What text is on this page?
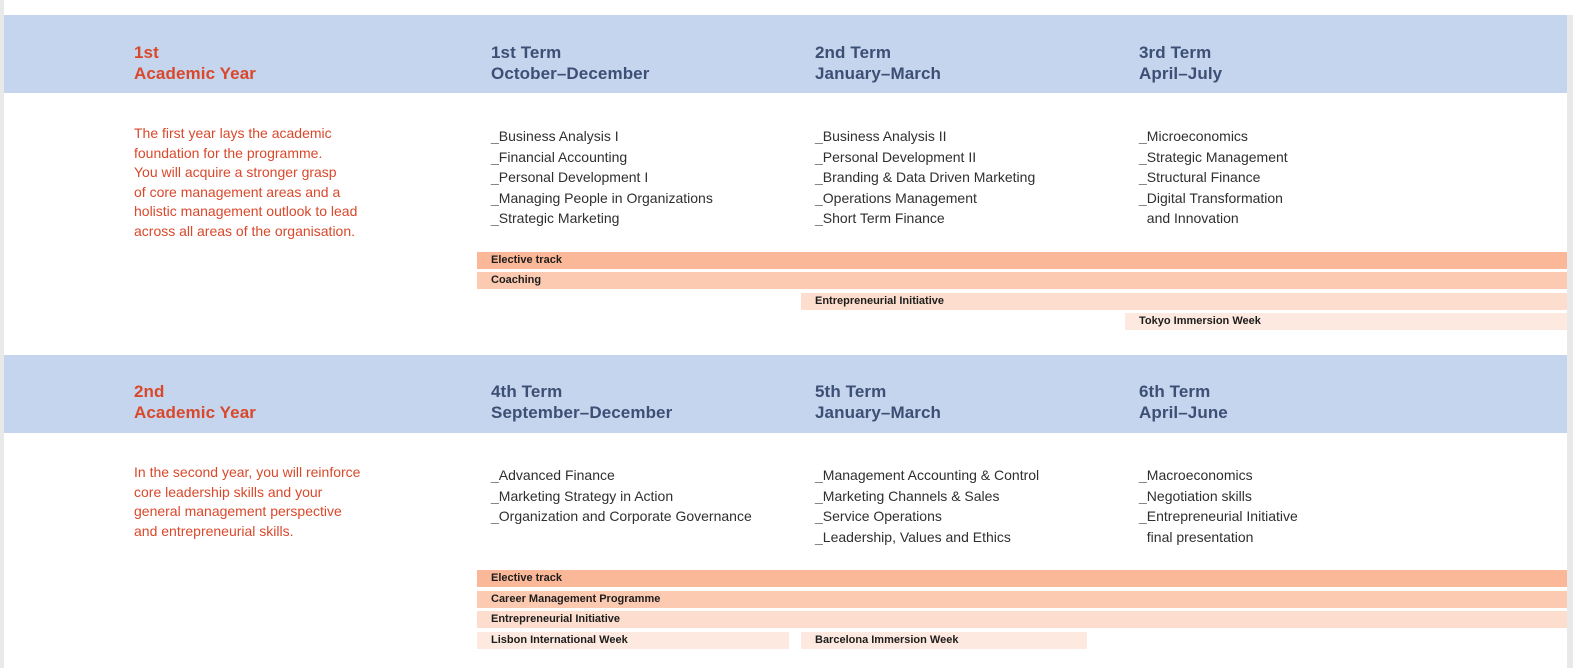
1st
Academic Year
1st Term
October–December
2nd Term
January–March
3rd Term
April–July
The first year lays the academic
foundation for the programme.
You will acquire a stronger grasp
of core management areas and a
holistic management outlook to lead
across all areas of the organisation.
_ Business Analysis I
_ Financial Accounting
_ Personal Development I
_ Managing People in Organizations
_ Strategic Marketing
_ Business Analysis II
_ Personal Development II
_ Branding & Data Driven Marketing
_ Operations Management
_ Short Term Finance
_ Microeconomics
_ Strategic Management
_ Structural Finance
_ Digital Transformation
_ and Innovation
Elective track
Coaching
Entrepreneurial Initiative
Tokyo Immersion Week
2nd
Academic Year
4th Term
September–December
5th Term
January–March
6th Term
April–June
In the second year, you will reinforce
core leadership skills and your
general management perspective
and entrepreneurial skills.
_ Advanced Finance
_ Marketing Strategy in Action
_ Organization and Corporate Governance
_ Management Accounting & Control
_ Marketing Channels & Sales
_ Service Operations
_ Leadership, Values and Ethics
_ Macroeconomics
_ Negotiation skills
_ Entrepreneurial Initiative
_ final presentation
Elective track
Career Management Programme
Entrepreneurial Initiative
Lisbon International Week	Barcelona Immersion Week
